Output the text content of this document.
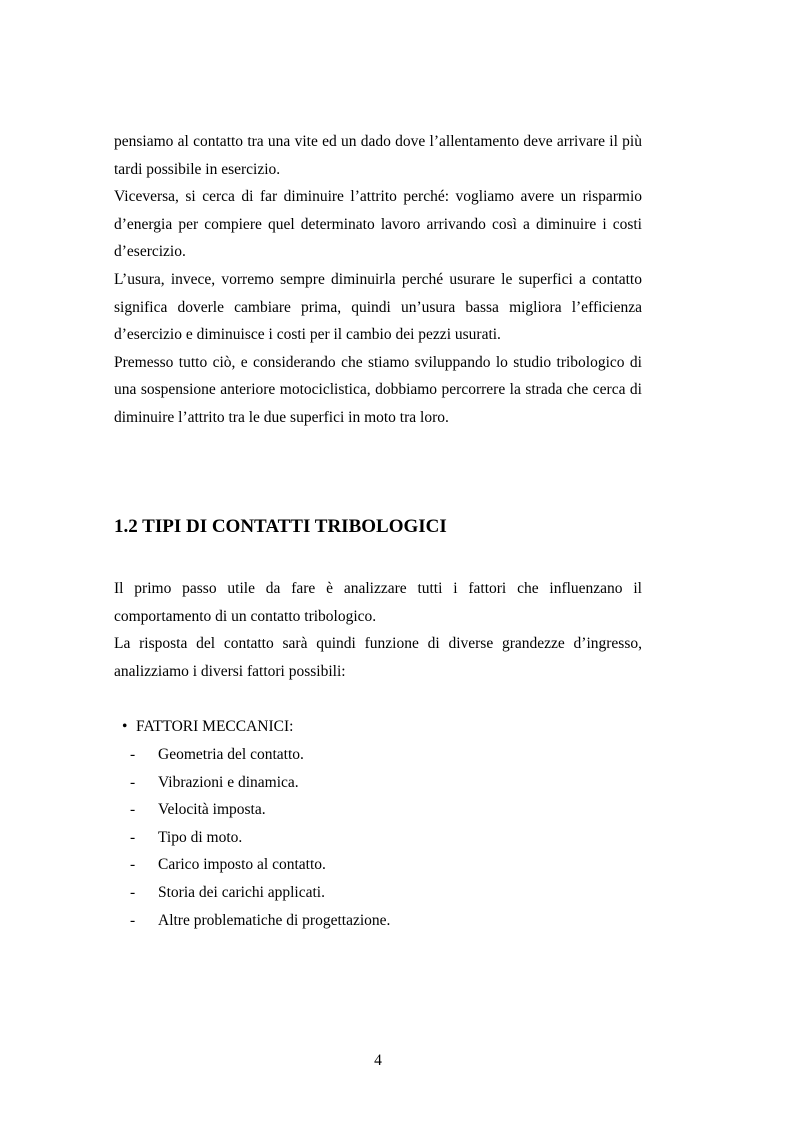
pensiamo al contatto tra una vite ed un dado dove l’allentamento deve arrivare il più tardi possibile in esercizio.

Viceversa, si cerca di far diminuire l’attrito perché: vogliamo avere un risparmio d’energia per compiere quel determinato lavoro arrivando così a diminuire i costi d’esercizio.

L’usura, invece, vorremo sempre diminuirla perché usurare le superfici a contatto significa doverle cambiare prima, quindi un’usura bassa migliora l’efficienza d’esercizio e diminuisce i costi per il cambio dei pezzi usurati.

Premesso tutto ciò, e considerando che stiamo sviluppando lo studio tribologico di una sospensione anteriore motociclistica, dobbiamo percorrere la strada che cerca di diminuire l’attrito tra le due superfici in moto tra loro.

1.2 TIPI DI CONTATTI TRIBOLOGICI

Il primo passo utile da fare è analizzare tutti i fattori che influenzano il comportamento di un contatto tribologico.

La risposta del contatto sarà quindi funzione di diverse grandezze d’ingresso, analizziamo i diversi fattori possibili:

• FATTORI MECCANICI:

- Geometria del contatto.
- Vibrazioni e dinamica.
- Velocità imposta.
- Tipo di moto.
- Carico imposto al contatto.
- Storia dei carichi applicati.
- Altre problematiche di progettazione.
4
